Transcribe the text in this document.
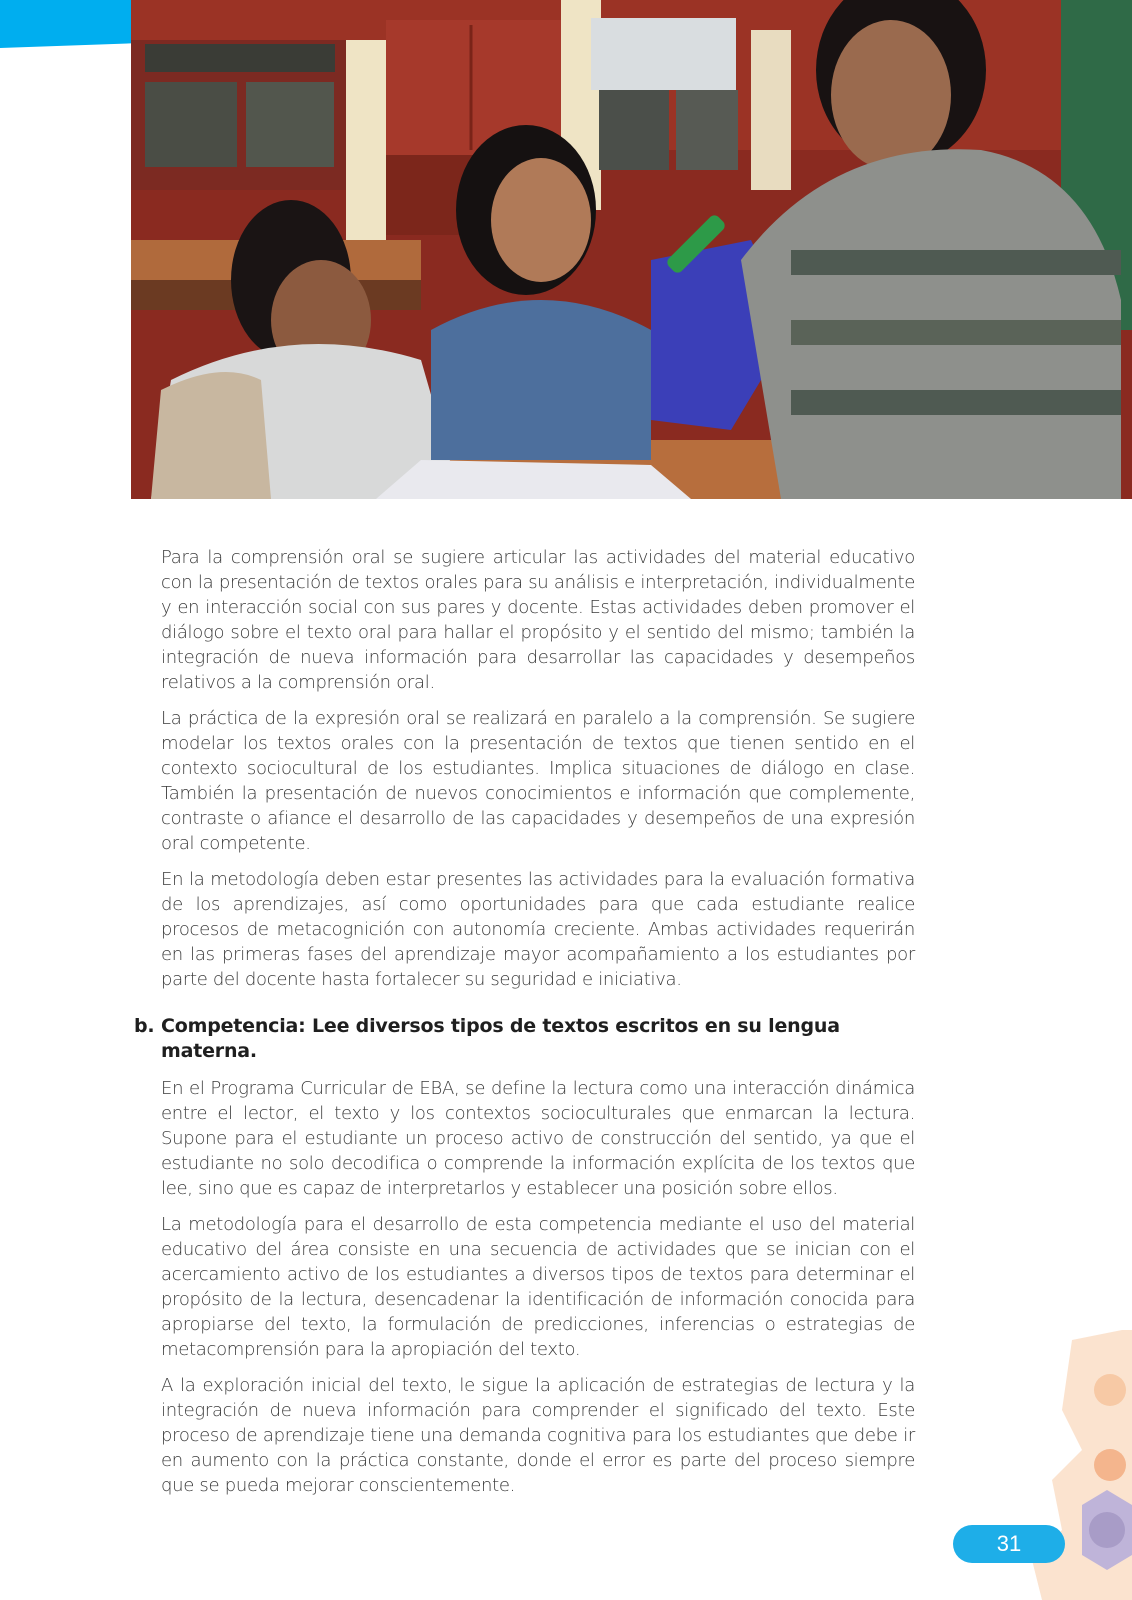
Para la comprensión oral se sugiere articular las actividades del material educativo con la presentación de textos orales para su análisis e interpretación, individualmente y en interacción social con sus pares y docente. Estas actividades deben promover el diálogo sobre el texto oral para hallar el propósito y el sentido del mismo; también la integración de nueva información para desarrollar las capacidades y desempeños relativos a la comprensión oral.

La práctica de la expresión oral se realizará en paralelo a la comprensión. Se sugiere modelar los textos orales con la presentación de textos que tienen sentido en el contexto sociocultural de los estudiantes. Implica situaciones de diálogo en clase. También la presentación de nuevos conocimientos e información que complemente, contraste o afiance el desarrollo de las capacidades y desempeños de una expresión oral competente.

En la metodología deben estar presentes las actividades para la evaluación formativa de los aprendizajes, así como oportunidades para que cada estudiante realice procesos de metacognición con autonomía creciente. Ambas actividades requerirán en las primeras fases del aprendizaje mayor acompañamiento a los estudiantes por parte del docente hasta fortalecer su seguridad e iniciativa.

b. Competencia: Lee diversos tipos de textos escritos en su lengua materna.

En el Programa Curricular de EBA, se define la lectura como una interacción dinámica entre el lector, el texto y los contextos socioculturales que enmarcan la lectura. Supone para el estudiante un proceso activo de construcción del sentido, ya que el estudiante no solo decodifica o comprende la información explícita de los textos que lee, sino que es capaz de interpretarlos y establecer una posición sobre ellos.

La metodología para el desarrollo de esta competencia mediante el uso del material educativo del área consiste en una secuencia de actividades que se inician con el acercamiento activo de los estudiantes a diversos tipos de textos para determinar el propósito de la lectura, desencadenar la identificación de información conocida para apropiarse del texto, la formulación de predicciones, inferencias o estrategias de metacomprensión para la apropiación del texto.

A la exploración inicial del texto, le sigue la aplicación de estrategias de lectura y la integración de nueva información para comprender el significado del texto. Este proceso de aprendizaje tiene una demanda cognitiva para los estudiantes que debe ir en aumento con la práctica constante, donde el error es parte del proceso siempre que se pueda mejorar conscientemente.

31
